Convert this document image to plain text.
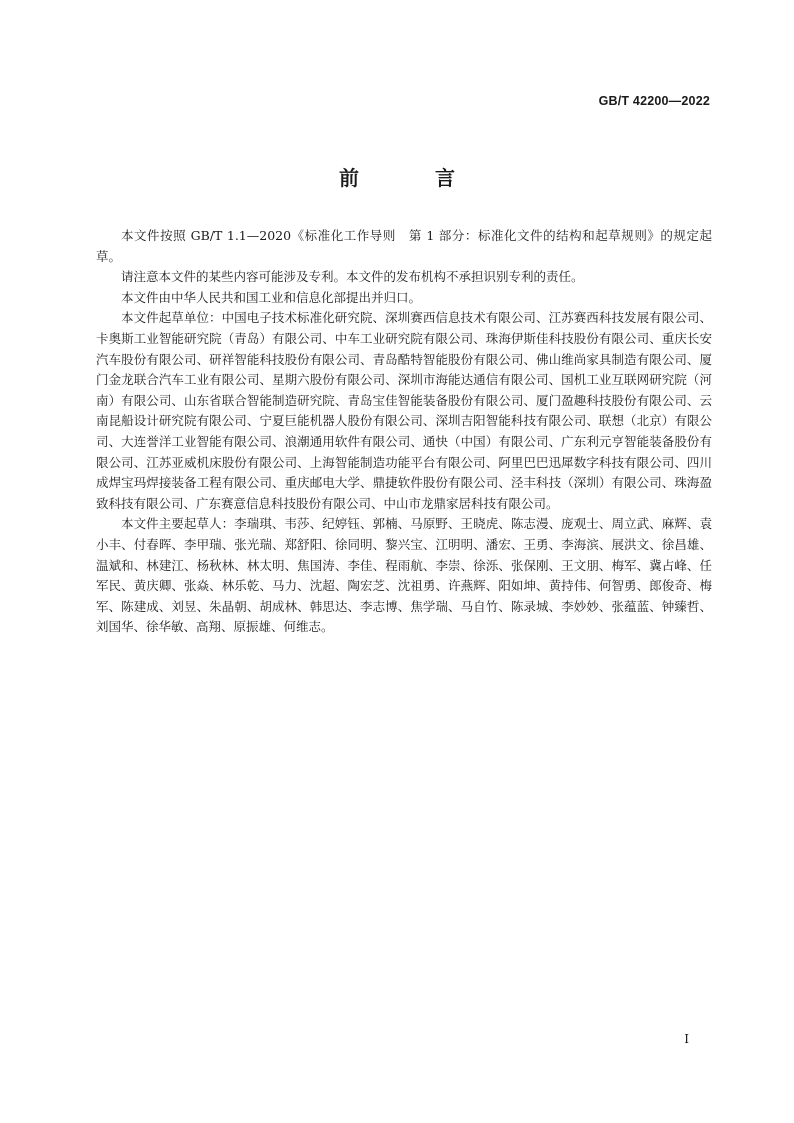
GB/T 42200—2022
前　言

本文件按照 GB/T 1.1—2020《标准化工作导则　第 1 部分：标准化文件的结构和起草规则》的规定起草。

请注意本文件的某些内容可能涉及专利。本文件的发布机构不承担识别专利的责任。

本文件由中华人民共和国工业和信息化部提出并归口。

本文件起草单位：中国电子技术标准化研究院、深圳赛西信息技术有限公司、江苏赛西科技发展有限公司、卡奥斯工业智能研究院（青岛）有限公司、中车工业研究院有限公司、珠海伊斯佳科技股份有限公司、重庆长安汽车股份有限公司、研祥智能科技股份有限公司、青岛酷特智能股份有限公司、佛山维尚家具制造有限公司、厦门金龙联合汽车工业有限公司、星期六股份有限公司、深圳市海能达通信有限公司、国机工业互联网研究院（河南）有限公司、山东省联合智能制造研究院、青岛宝佳智能装备股份有限公司、厦门盈趣科技股份有限公司、云南昆船设计研究院有限公司、宁夏巨能机器人股份有限公司、深圳吉阳智能科技有限公司、联想（北京）有限公司、大连誉洋工业智能有限公司、浪潮通用软件有限公司、通快（中国）有限公司、广东利元亨智能装备股份有限公司、江苏亚威机床股份有限公司、上海智能制造功能平台有限公司、阿里巴巴迅犀数字科技有限公司、四川成焊宝玛焊接装备工程有限公司、重庆邮电大学、鼎捷软件股份有限公司、泾丰科技（深圳）有限公司、珠海盈致科技有限公司、广东赛意信息科技股份有限公司、中山市龙鼎家居科技有限公司。

本文件主要起草人：李瑞琪、韦莎、纪婷钰、郭楠、马原野、王晓虎、陈志漫、庞观士、周立武、麻辉、袁小丰、付春晖、李甲瑞、张光瑞、郑舒阳、徐同明、黎兴宝、江明明、潘宏、王勇、李海滨、展洪文、徐昌雄、温斌和、林建江、杨秋林、林太明、焦国涛、李佳、程雨航、李崇、徐泺、张保刚、王文朋、梅军、冀占峰、任军民、黄庆卿、张焱、林乐乾、马力、沈超、陶宏芝、沈祖勇、许燕辉、阳如坤、黄持伟、何智勇、郎俊奇、梅军、陈建成、刘昱、朱晶朝、胡成林、韩思达、李志博、焦学瑞、马自竹、陈录城、李妙妙、张蕴蓝、钟臻哲、刘国华、徐华敏、高翔、原振雄、何维志。

I
